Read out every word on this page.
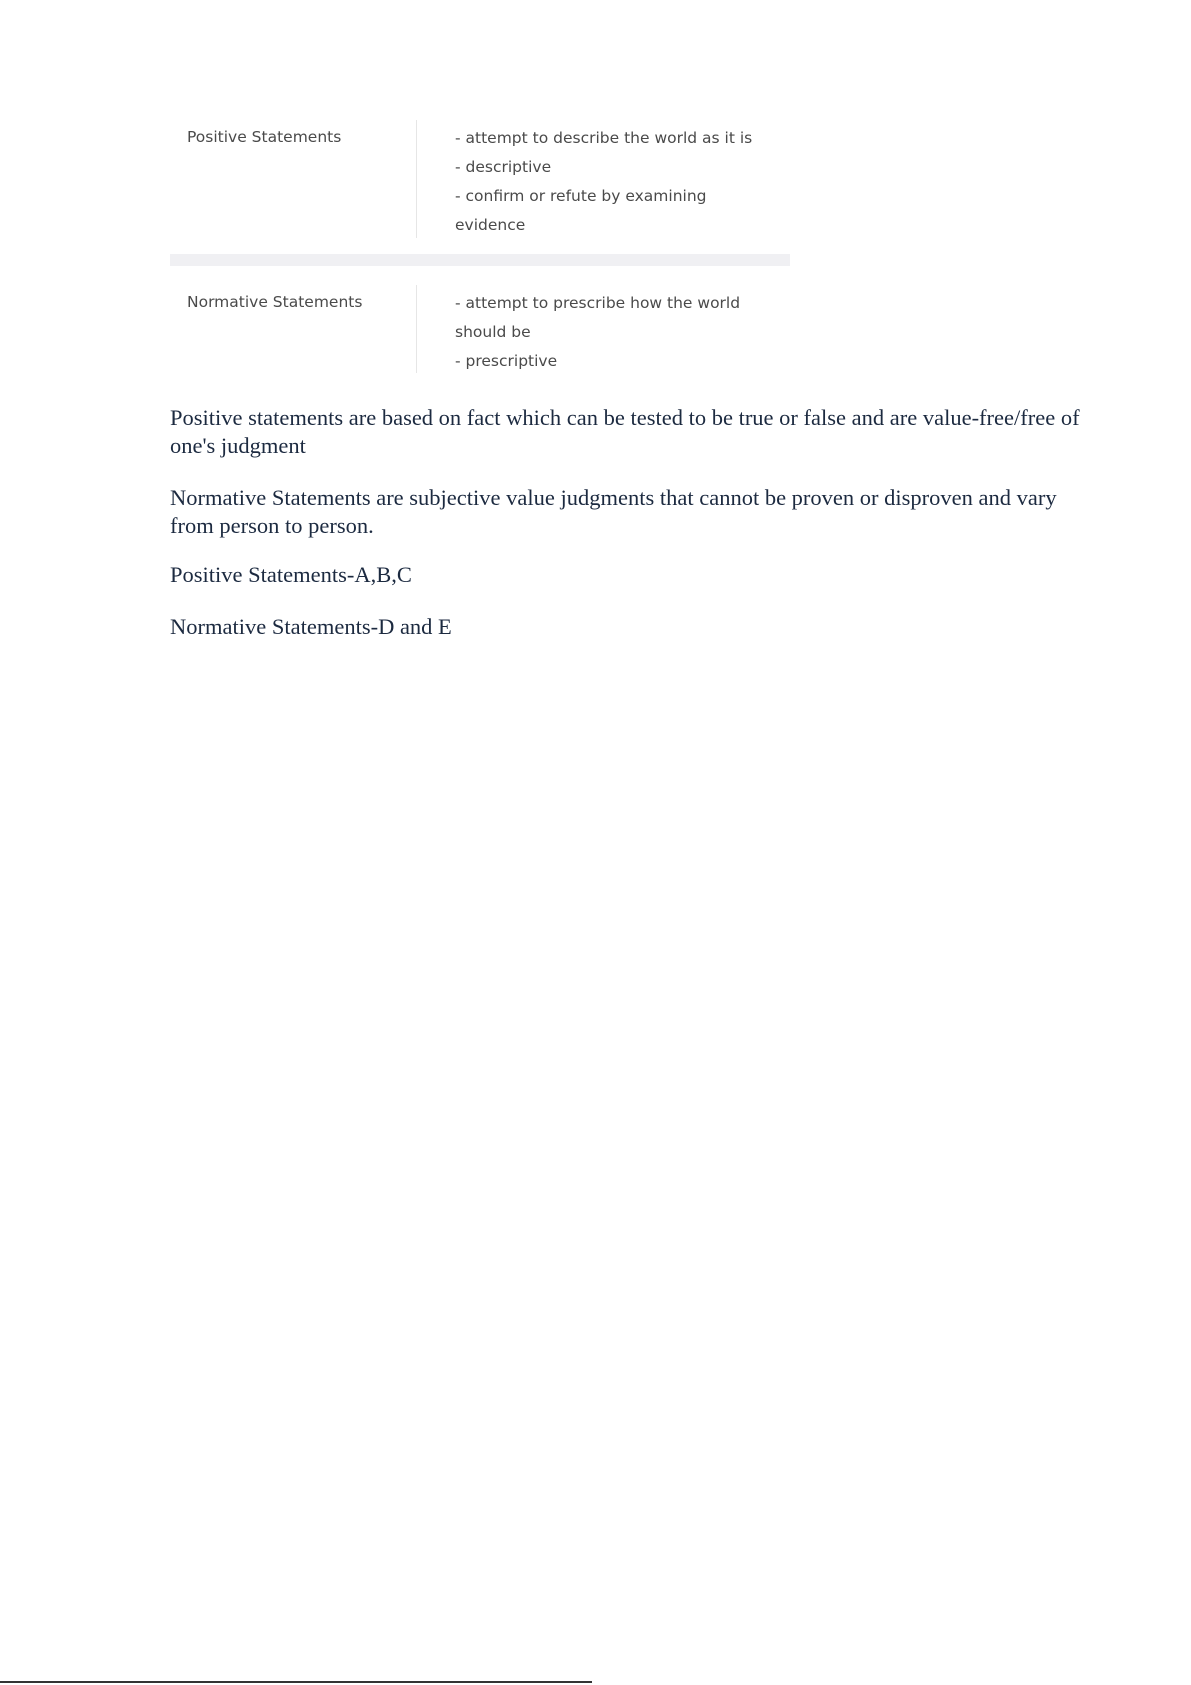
Positive Statements	- attempt to describe the world as it is
- descriptive
- confirm or refute by examining
evidence
Normative Statements	- attempt to prescribe how the world
should be
- prescriptive

Positive statements are based on fact which can be tested to be true or false and are value-free/free of one's judgment

Normative Statements are subjective value judgments that cannot be proven or disproven and vary from person to person.

Positive Statements-A,B,C

Normative Statements-D and E
